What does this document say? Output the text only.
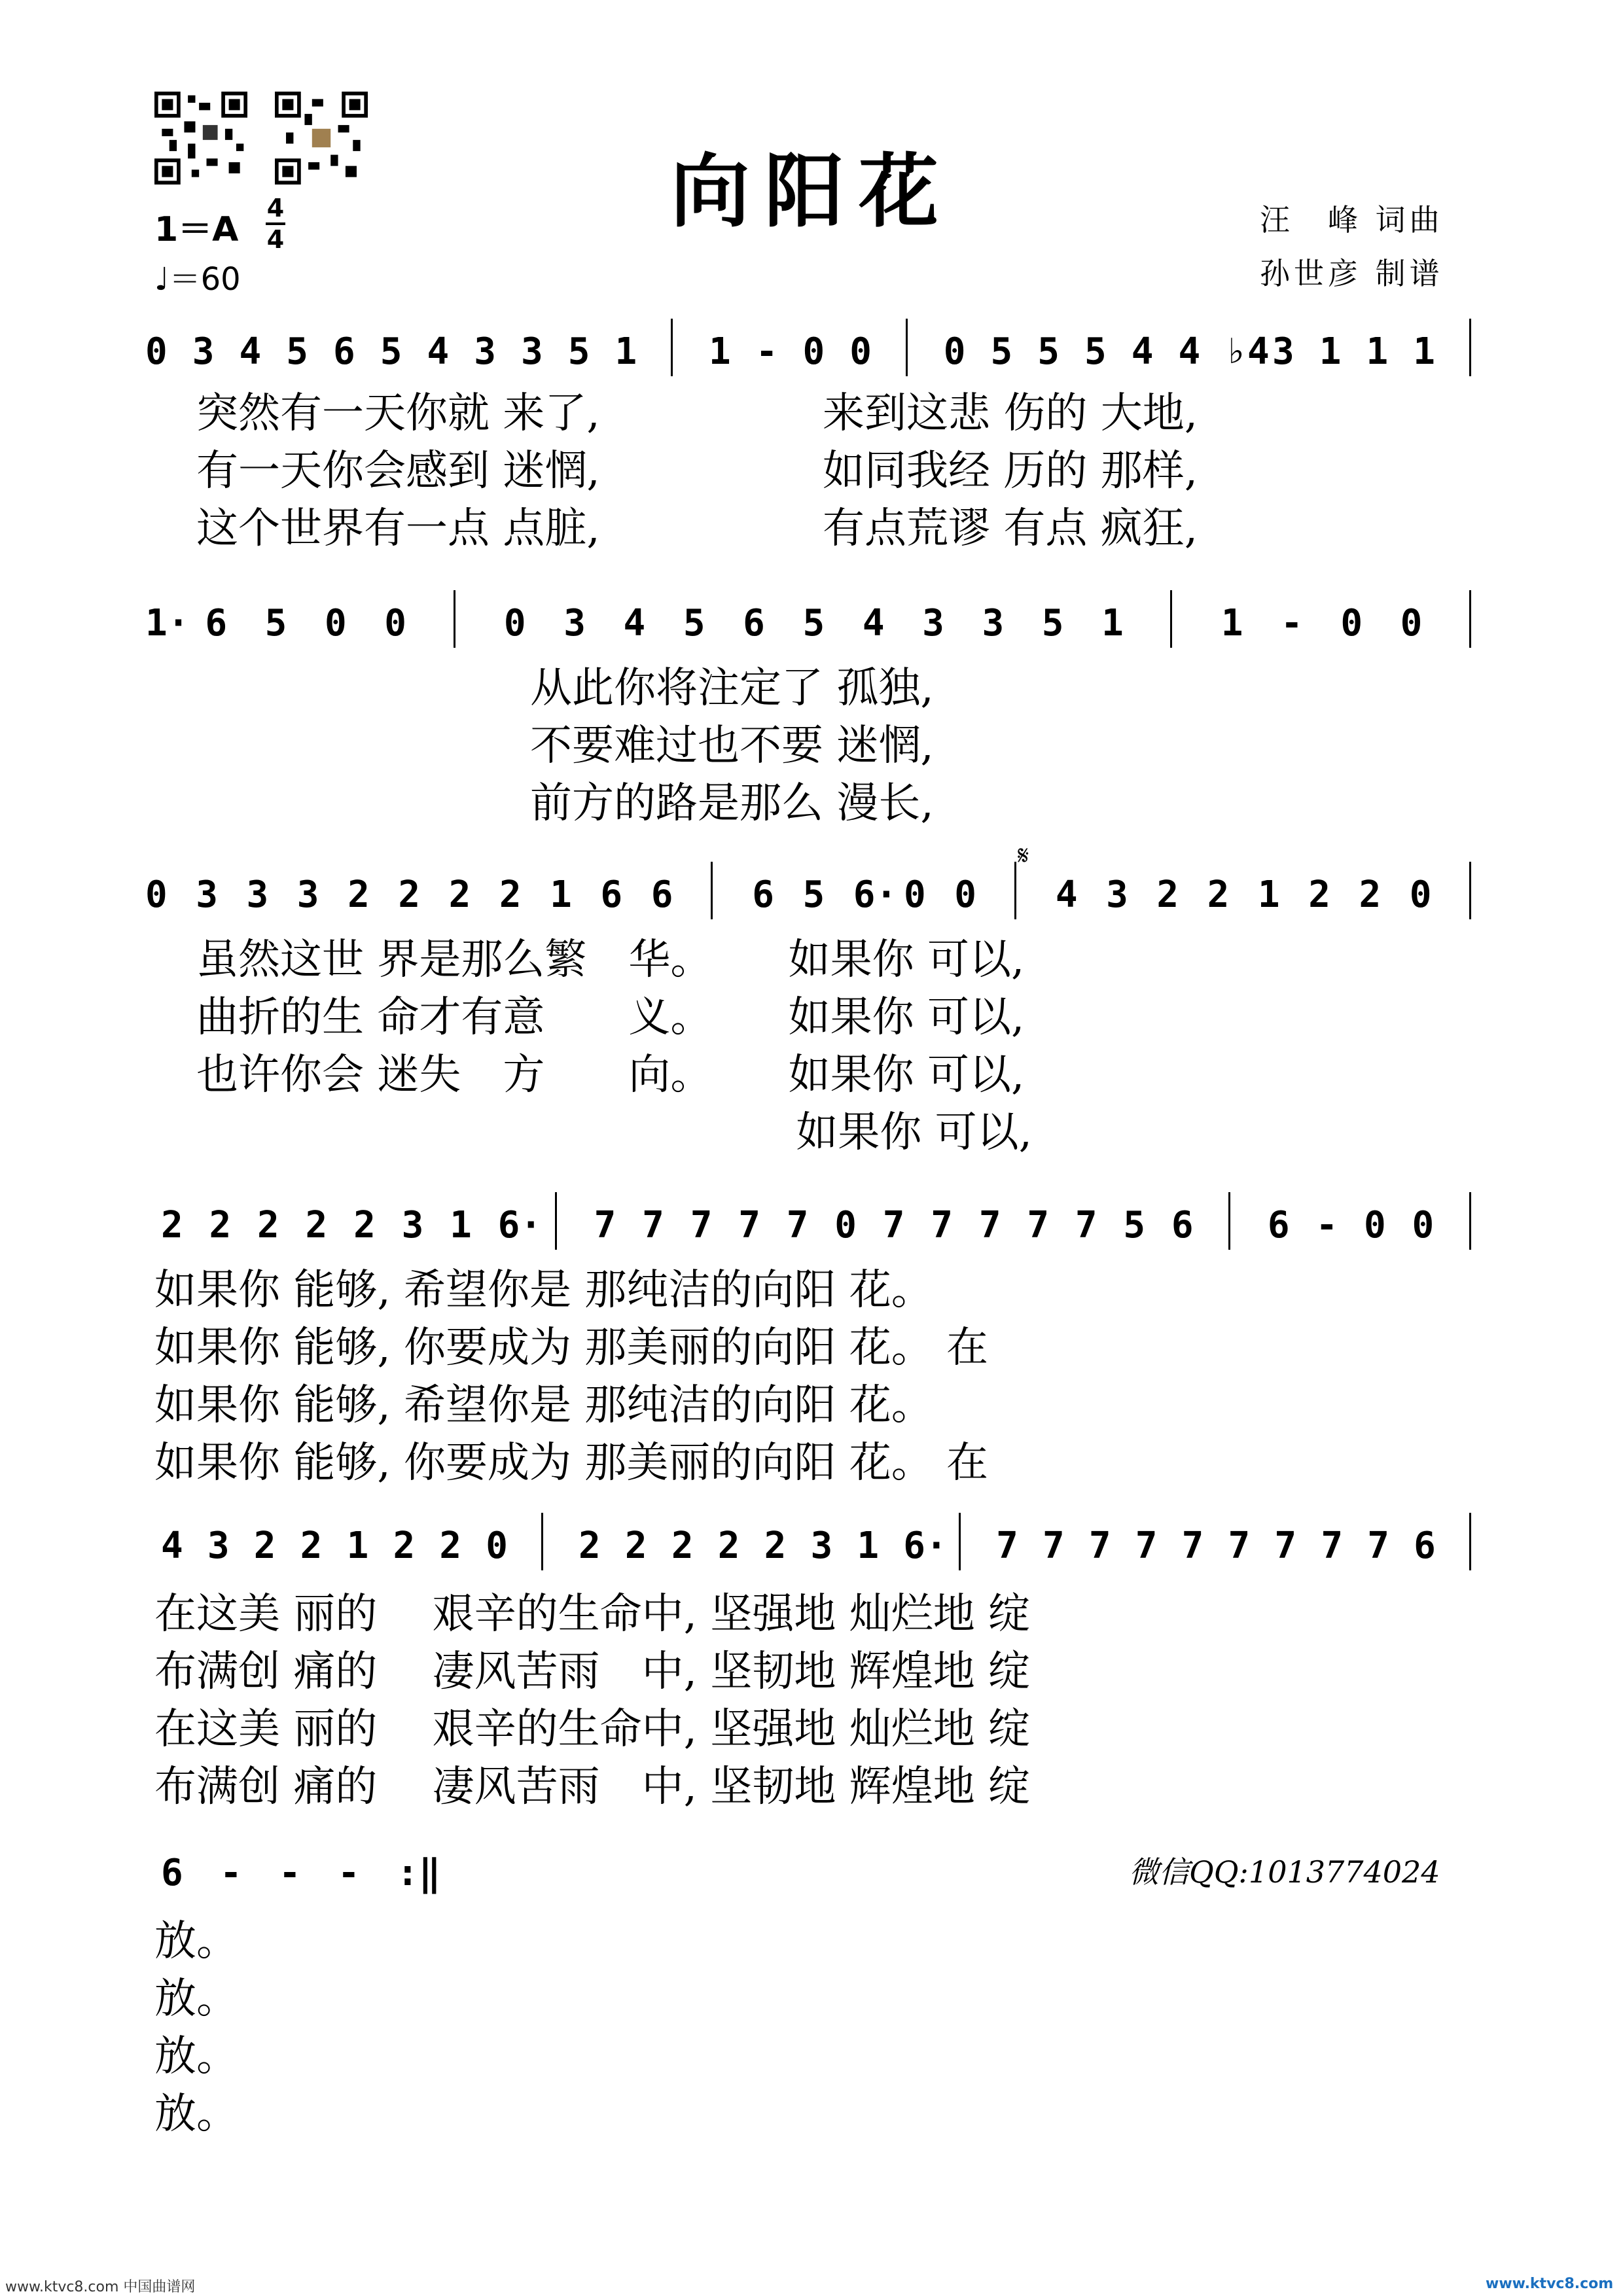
向阳花
1＝A
4
4
♩＝60
汪　峰 词曲
孙世彦 制谱
0 3 4 5 6 5 4 3 3 5 1 1 - 0 0 0 5 5 5 4 4 ♭4 3 1 1 1
突然有一天你就 来了,　　　　　 来到这悲 伤的 大地,
有一天你会感到 迷惘,　　　　　 如同我经 历的 那样,
这个世界有一点 点脏,　　　　　 有点荒谬 有点 疯狂,
1· 6 5 0 0	0 3 4 5 6 5 4 3 3 5 1	1 - 0 0
从此你将注定了 孤独,
不要难过也不要 迷惘,
前方的路是那么 漫长,
0 3 3 3 2 2 2 2 1 6 6 6 5 6· 0 0 4 3 2 2 1 2 2 0
𝄋
虽然这世 界是那么繁　华。　　 如果你 可以,
曲折的生 命才有意　　义。　　 如果你 可以,
也许你会 迷失　方　　向。　　 如果你 可以,
　　　　　　　　　　　　　　 如果你 可以,
2 2 2 2 2 3 1 6· 7 7 7 7 7 0 7 7 7 7 7 5 6 6 - 0 0
如果你 能够, 希望你是 那纯洁的向阳 花。
如果你 能够, 你要成为 那美丽的向阳 花。 在
如果你 能够, 希望你是 那纯洁的向阳 花。
如果你 能够, 你要成为 那美丽的向阳 花。 在
4 3 2 2 1 2 2 0 2 2 2 2 2 3 1 6· 7 7 7 7 7 7 7 7 7 6
在这美 丽的　 艰辛的生命中, 坚强地 灿烂地 绽
布满创 痛的　 凄风苦雨　中, 坚韧地 辉煌地 绽
在这美 丽的　 艰辛的生命中, 坚强地 灿烂地 绽
布满创 痛的　 凄风苦雨　中, 坚韧地 辉煌地 绽
6 - - - :‖
放。
放。
放。
放。
微信QQ:1013774024
www.ktvc8.com 中国曲谱网	www.ktvc8.com
